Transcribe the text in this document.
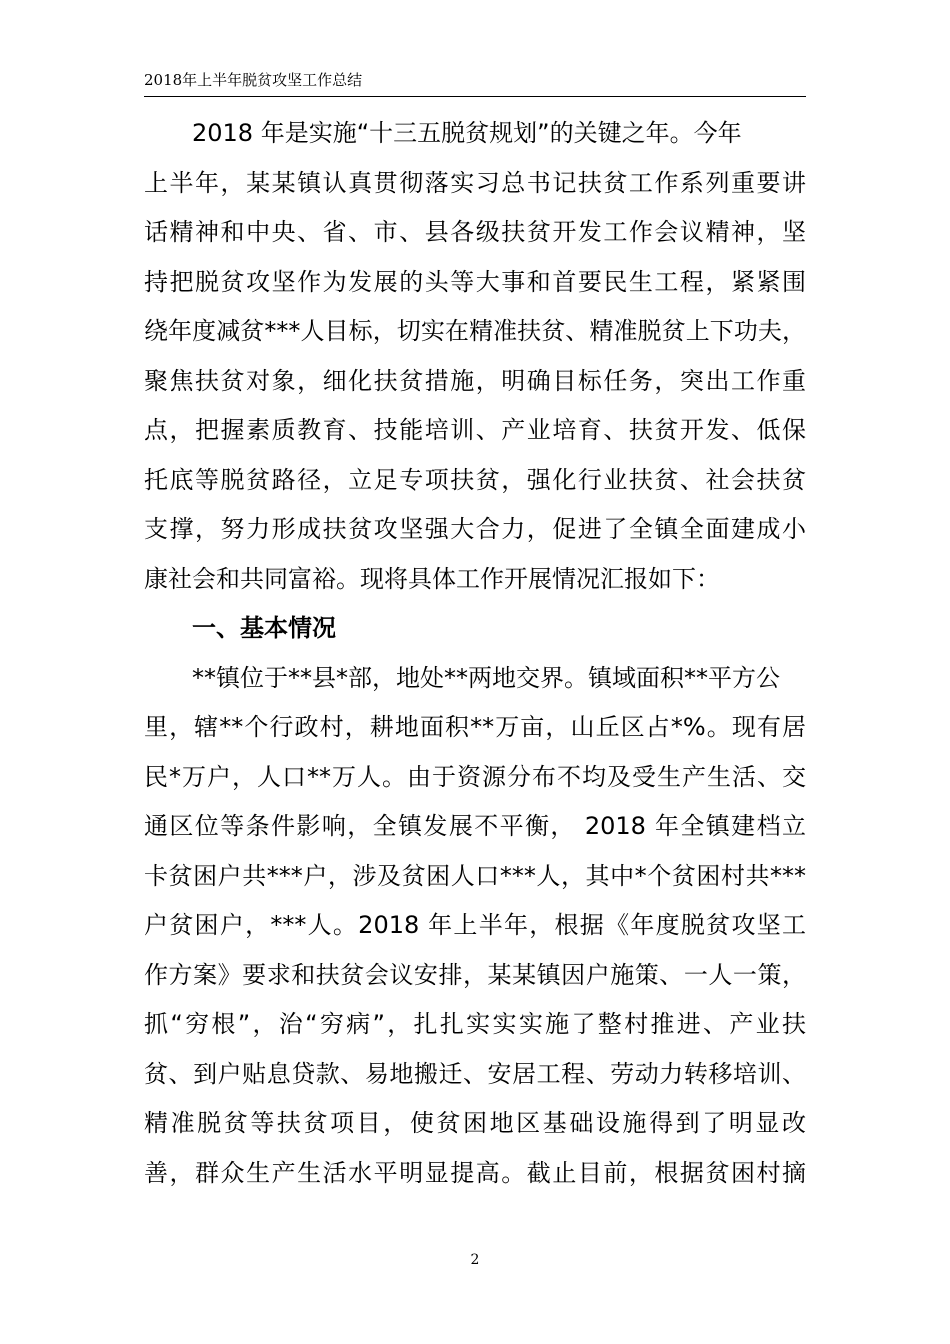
2018年上半年脱贫攻坚工作总结
2018 年是实施“十三五脱贫规划”的关键之年。今年
上半年，某某镇认真贯彻落实习总书记扶贫工作系列重要讲
话精神和中央、省、市、县各级扶贫开发工作会议精神，坚
持把脱贫攻坚作为发展的头等大事和首要民生工程，紧紧围
绕年度减贫***人目标，切实在精准扶贫、精准脱贫上下功夫，
聚焦扶贫对象，细化扶贫措施，明确目标任务，突出工作重
点，把握素质教育、技能培训、产业培育、扶贫开发、低保
托底等脱贫路径，立足专项扶贫，强化行业扶贫、社会扶贫
支撑，努力形成扶贫攻坚强大合力，促进了全镇全面建成小
康社会和共同富裕。现将具体工作开展情况汇报如下：
一、基本情况
**镇位于**县*部，地处**两地交界。镇域面积**平方公
里，辖**个行政村，耕地面积**万亩，山丘区占*%。现有居
民*万户，人口**万人。由于资源分布不均及受生产生活、交
通区位等条件影响，全镇发展不平衡， 2018 年全镇建档立
卡贫困户共***户，涉及贫困人口***人，其中*个贫困村共***
户贫困户，***人。2018 年上半年，根据《年度脱贫攻坚工
作方案》要求和扶贫会议安排，某某镇因户施策、一人一策，
抓“穷根”，治“穷病”，扎扎实实实施了整村推进、产业扶
贫、到户贴息贷款、易地搬迁、安居工程、劳动力转移培训、
精准脱贫等扶贫项目，使贫困地区基础设施得到了明显改
善，群众生产生活水平明显提高。截止目前，根据贫困村摘
2
